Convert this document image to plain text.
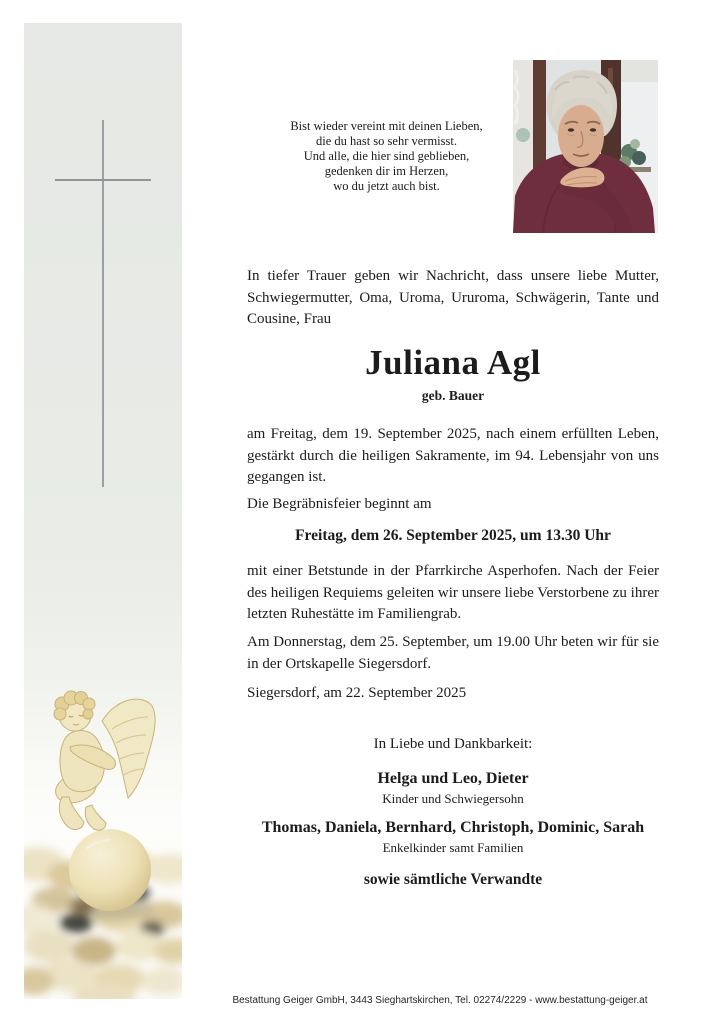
Bist wieder vereint mit deinen Lieben,
die du hast so sehr vermisst.
Und alle, die hier sind geblieben,
gedenken dir im Herzen,
wo du jetzt auch bist.
In tiefer Trauer geben wir Nachricht, dass unsere liebe Mutter, Schwiegermutter, Oma, Uroma, Ururoma, Schwägerin, Tante und Cousine, Frau
Juliana Agl
geb. Bauer
am Freitag, dem 19. September 2025, nach einem erfüllten Leben, gestärkt durch die heiligen Sakramente, im 94. Lebensjahr von uns gegangen ist.
Die Begräbnisfeier beginnt am
Freitag, dem 26. September 2025, um 13.30 Uhr
mit einer Betstunde in der Pfarrkirche Asperhofen. Nach der Feier des heiligen Requiems geleiten wir unsere liebe Verstorbene zu ihrer letzten Ruhestätte im Familiengrab.
Am Donnerstag, dem 25. September, um 19.00 Uhr beten wir für sie in der Ortskapelle Siegersdorf.
Siegersdorf, am 22. September 2025
In Liebe und Dankbarkeit:
Helga und Leo, Dieter
Kinder und Schwiegersohn
Thomas, Daniela, Bernhard, Christoph, Dominic, Sarah
Enkelkinder samt Familien
sowie sämtliche Verwandte
Bestattung Geiger GmbH, 3443 Sieghartskirchen, Tel. 02274/2229 - www.bestattung-geiger.at
